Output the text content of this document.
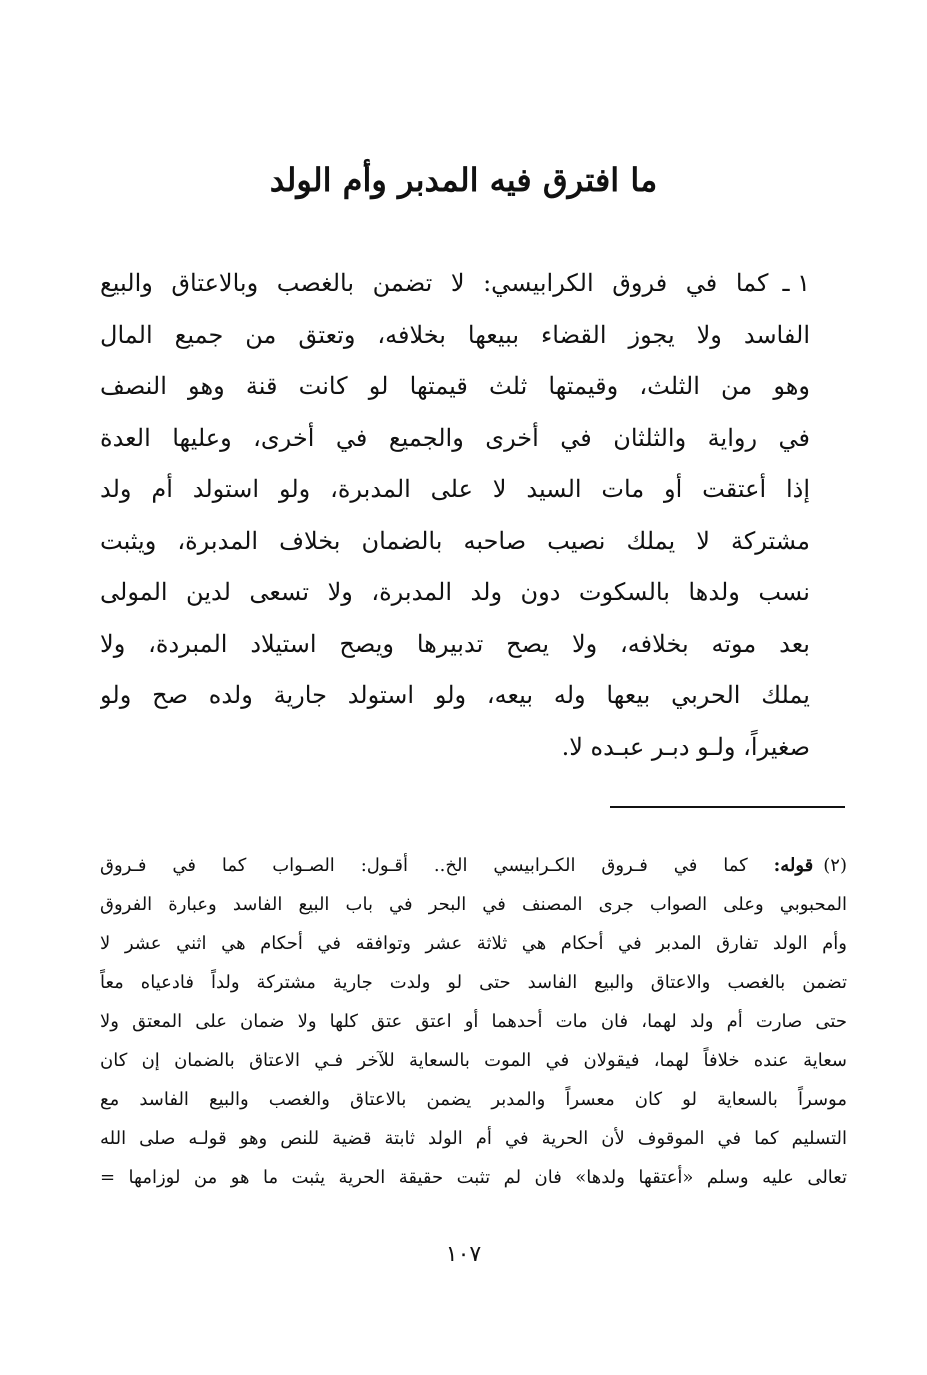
ما افترق فيه المدبر وأم الولد
١ ـكما في فروق الكرابيسي: لا تضمن بالغصب وبالاعتاق والبيع
الفاسد ولا يجوز القضاء ببيعها بخلافه، وتعتق من جميع المال
وهو من الثلث، وقيمتها ثلث قيمتها لو كانت قنة وهو النصف
في رواية والثلثان في أخرى والجميع في أخرى، وعليها العدة
إذا أعتقت أو مات السيد لا على المدبرة، ولو استولد أم ولد
مشتركة لا يملك نصيب صاحبه بالضمان بخلاف المدبرة، ويثبت
نسب ولدها بالسكوت دون ولد المدبرة، ولا تسعى لدين المولى
بعد موته بخلافه، ولا يصح تدبيرها ويصح استيلاد المبردة، ولا
يملك الحربي بيعها وله بيعه، ولو استولد جارية ولده صح ولو
صغيراً، ولـو دبـر عبـده لا.
(٢)قوله: كما في فـروق الكـرابيسي الخ.. أقـول: الصـواب كما في فـروق
المحبوبي وعلى الصواب جرى المصنف في البحر في باب البيع الفاسد وعبارة الفروق
وأم الولد تفارق المدبر في أحكام هي ثلاثة عشر وتوافقه في أحكام هي اثني عشر لا
تضمن بالغصب والاعتاق والبيع الفاسد حتى لو ولدت جارية مشتركة ولداً فادعياه معاً
حتى صارت أم ولد لهما، فان مات أحدهما أو اعتق عتق كلها ولا ضمان على المعتق ولا
سعاية عنده خلافاً لهما، فيقولان في الموت بالسعاية للآخر فـي الاعتاق بالضمان إن كان
موسراً بالسعاية لو كان معسراً والمدبر يضمن بالاعتاق والغصب والبيع الفاسد مع
التسليم كما في الموقوف لأن الحرية في أم الولد ثابتة قضية للنص وهو قولـه صلى الله
تعالى عليه وسلم «أعتقها ولدها» فان لم تثبت حقيقة الحرية يثبت ما هو من لوزامها =
١٠٧
